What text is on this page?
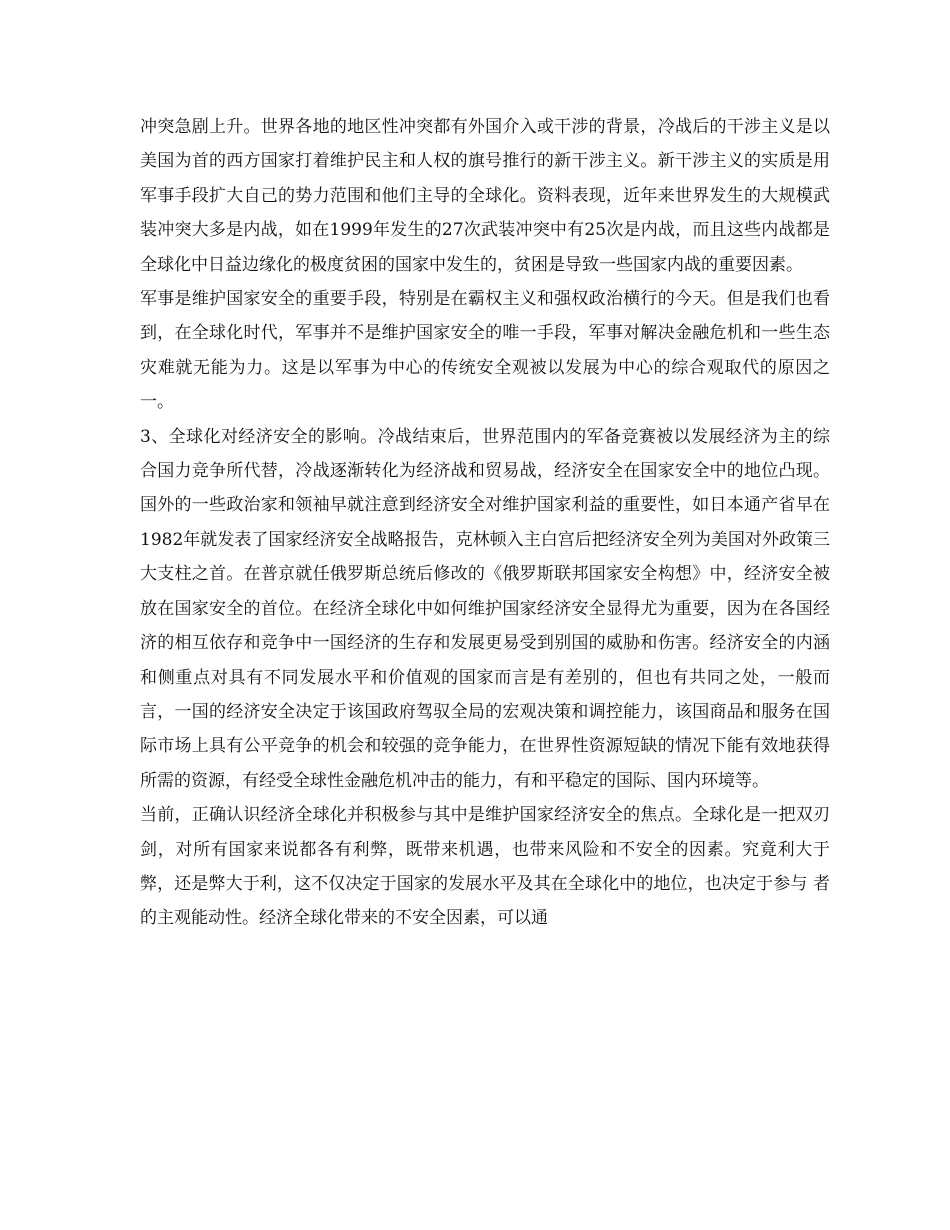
冲突急剧上升。世界各地的地区性冲突都有外国介入或干涉的背景，冷战后的干涉主义是以美国为首的西方国家打着维护民主和人权的旗号推行的新干涉主义。新干涉主义的实质是用军事手段扩大自己的势力范围和他们主导的全球化。资料表现，近年来世界发生的大规模武装冲突大多是内战，如在1999年发生的27次武装冲突中有25次是内战，而且这些内战都是全球化中日益边缘化的极度贫困的国家中发生的，贫困是导致一些国家内战的重要因素。

军事是维护国家安全的重要手段，特别是在霸权主义和强权政治横行的今天。但是我们也看到，在全球化时代，军事并不是维护国家安全的唯一手段，军事对解决金融危机和一些生态灾难就无能为力。这是以军事为中心的传统安全观被以发展为中心的综合观取代的原因之一。

3、全球化对经济安全的影响。冷战结束后，世界范围内的军备竞赛被以发展经济为主的综合国力竞争所代替，冷战逐渐转化为经济战和贸易战，经济安全在国家安全中的地位凸现。国外的一些政治家和领袖早就注意到经济安全对维护国家利益的重要性，如日本通产省早在1982年就发表了国家经济安全战略报告，克林顿入主白宫后把经济安全列为美国对外政策三大支柱之首。在普京就任俄罗斯总统后修改的《俄罗斯联邦国家安全构想》中，经济安全被放在国家安全的首位。在经济全球化中如何维护国家经济安全显得尤为重要，因为在各国经济的相互依存和竞争中一国经济的生存和发展更易受到别国的威胁和伤害。经济安全的内涵和侧重点对具有不同发展水平和价值观的国家而言是有差别的，但也有共同之处，一般而言，一国的经济安全决定于该国政府驾驭全局的宏观决策和调控能力，该国商品和服务在国际市场上具有公平竞争的机会和较强的竞争能力，在世界性资源短缺的情况下能有效地获得所需的资源，有经受全球性金融危机冲击的能力，有和平稳定的国际、国内环境等。

当前，正确认识经济全球化并积极参与其中是维护国家经济安全的焦点。全球化是一把双刃剑，对所有国家来说都各有利弊，既带来机遇，也带来风险和不安全的因素。究竟利大于弊，还是弊大于利，这不仅决定于国家的发展水平及其在全球化中的地位，也决定于参与 者的主观能动性。经济全球化带来的不安全因素，可以通
